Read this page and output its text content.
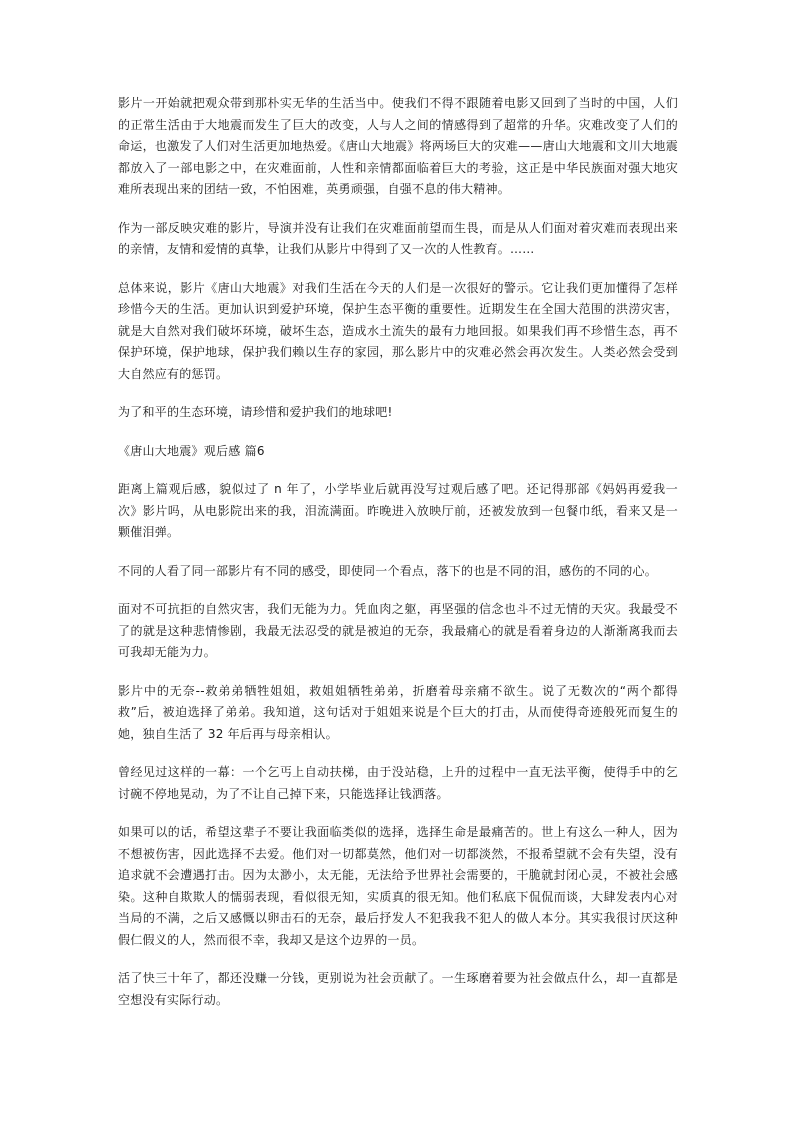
影片一开始就把观众带到那朴实无华的生活当中。使我们不得不跟随着电影又回到了当时的中国，人们的正常生活由于大地震而发生了巨大的改变，人与人之间的情感得到了超常的升华。灾难改变了人们的命运，也激发了人们对生活更加地热爱。《唐山大地震》将两场巨大的灾难——唐山大地震和文川大地震都放入了一部电影之中，在灾难面前，人性和亲情都面临着巨大的考验，这正是中华民族面对强大地灾难所表现出来的团结一致，不怕困难，英勇顽强，自强不息的伟大精神。

作为一部反映灾难的影片，导演并没有让我们在灾难面前望而生畏，而是从人们面对着灾难而表现出来的亲情，友情和爱情的真挚，让我们从影片中得到了又一次的人性教育。……

总体来说，影片《唐山大地震》对我们生活在今天的人们是一次很好的警示。它让我们更加懂得了怎样珍惜今天的生活。更加认识到爱护环境，保护生态平衡的重要性。近期发生在全国大范围的洪涝灾害，就是大自然对我们破坏环境，破坏生态，造成水土流失的最有力地回报。如果我们再不珍惜生态，再不保护环境，保护地球，保护我们赖以生存的家园，那么影片中的灾难必然会再次发生。人类必然会受到大自然应有的惩罚。

为了和平的生态环境，请珍惜和爱护我们的地球吧!

《唐山大地震》观后感 篇6

距离上篇观后感，貌似过了 n 年了，小学毕业后就再没写过观后感了吧。还记得那部《妈妈再爱我一次》影片吗，从电影院出来的我，泪流满面。昨晚进入放映厅前，还被发放到一包餐巾纸，看来又是一颗催泪弹。

不同的人看了同一部影片有不同的感受，即使同一个看点，落下的也是不同的泪，感伤的不同的心。

面对不可抗拒的自然灾害，我们无能为力。凭血肉之躯，再坚强的信念也斗不过无情的天灾。我最受不了的就是这种悲情惨剧，我最无法忍受的就是被迫的无奈，我最痛心的就是看着身边的人渐渐离我而去可我却无能为力。

影片中的无奈--救弟弟牺牲姐姐，救姐姐牺牲弟弟，折磨着母亲痛不欲生。说了无数次的“两个都得救”后，被迫选择了弟弟。我知道，这句话对于姐姐来说是个巨大的打击，从而使得奇迹般死而复生的她，独自生活了 32 年后再与母亲相认。

曾经见过这样的一幕：一个乞丐上自动扶梯，由于没站稳，上升的过程中一直无法平衡，使得手中的乞讨碗不停地晃动，为了不让自己掉下来，只能选择让钱洒落。

如果可以的话，希望这辈子不要让我面临类似的选择，选择生命是最痛苦的。世上有这么一种人，因为不想被伤害，因此选择不去爱。他们对一切都莫然，他们对一切都淡然，不报希望就不会有失望，没有追求就不会遭遇打击。因为太渺小，太无能，无法给予世界社会需要的，干脆就封闭心灵，不被社会感染。这种自欺欺人的懦弱表现，看似很无知，实质真的很无知。他们私底下侃侃而谈，大肆发表内心对当局的不满，之后又感慨以卵击石的无奈，最后抒发人不犯我我不犯人的做人本分。其实我很讨厌这种假仁假义的人，然而很不幸，我却又是这个边界的一员。

活了快三十年了，都还没赚一分钱，更别说为社会贡献了。一生琢磨着要为社会做点什么，却一直都是空想没有实际行动。
